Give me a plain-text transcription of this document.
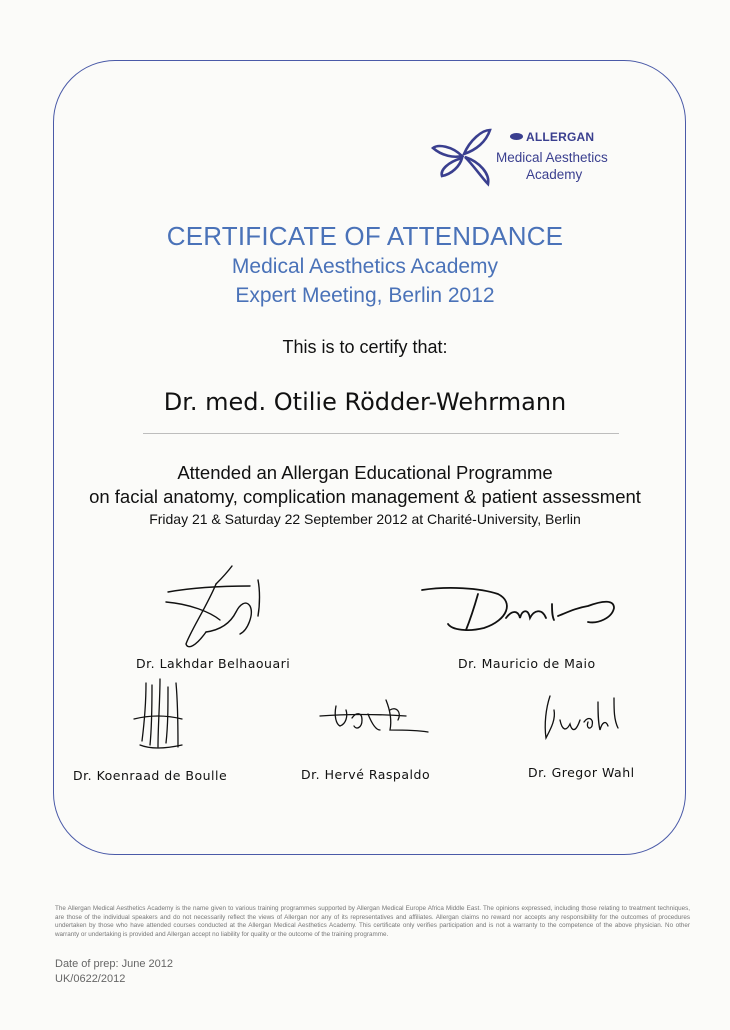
ALLERGAN
Medical Aesthetics
Academy
CERTIFICATE OF ATTENDANCE
Medical Aesthetics Academy
Expert Meeting, Berlin 2012
This is to certify that:
Dr. med. Otilie Rödder-Wehrmann
Attended an Allergan Educational Programme
on facial anatomy, complication management & patient assessment
Friday 21 & Saturday 22 September 2012 at Charité-University, Berlin
Dr. Lakhdar Belhaouari	Dr. Mauricio de Maio
Dr. Koenraad de Boulle	Dr. Hervé Raspaldo	Dr. Gregor Wahl
The Allergan Medical Aesthetics Academy is the name given to various training programmes supported by Allergan Medical Europe Africa Middle East. The opinions expressed, including those relating to treatment techniques, are those of the individual speakers and do not necessarily reflect the views of Allergan nor any of its representatives and affiliates. Allergan claims no reward nor accepts any responsibility for the outcomes of procedures undertaken by those who have attended courses conducted at the Allergan Medical Aesthetics Academy. This certificate only verifies participation and is not a warranty to the competence of the above physician. No other warranty or undertaking is provided and Allergan accept no liability for quality or the outcome of the training programme.
Date of prep: June 2012
UK/0622/2012
